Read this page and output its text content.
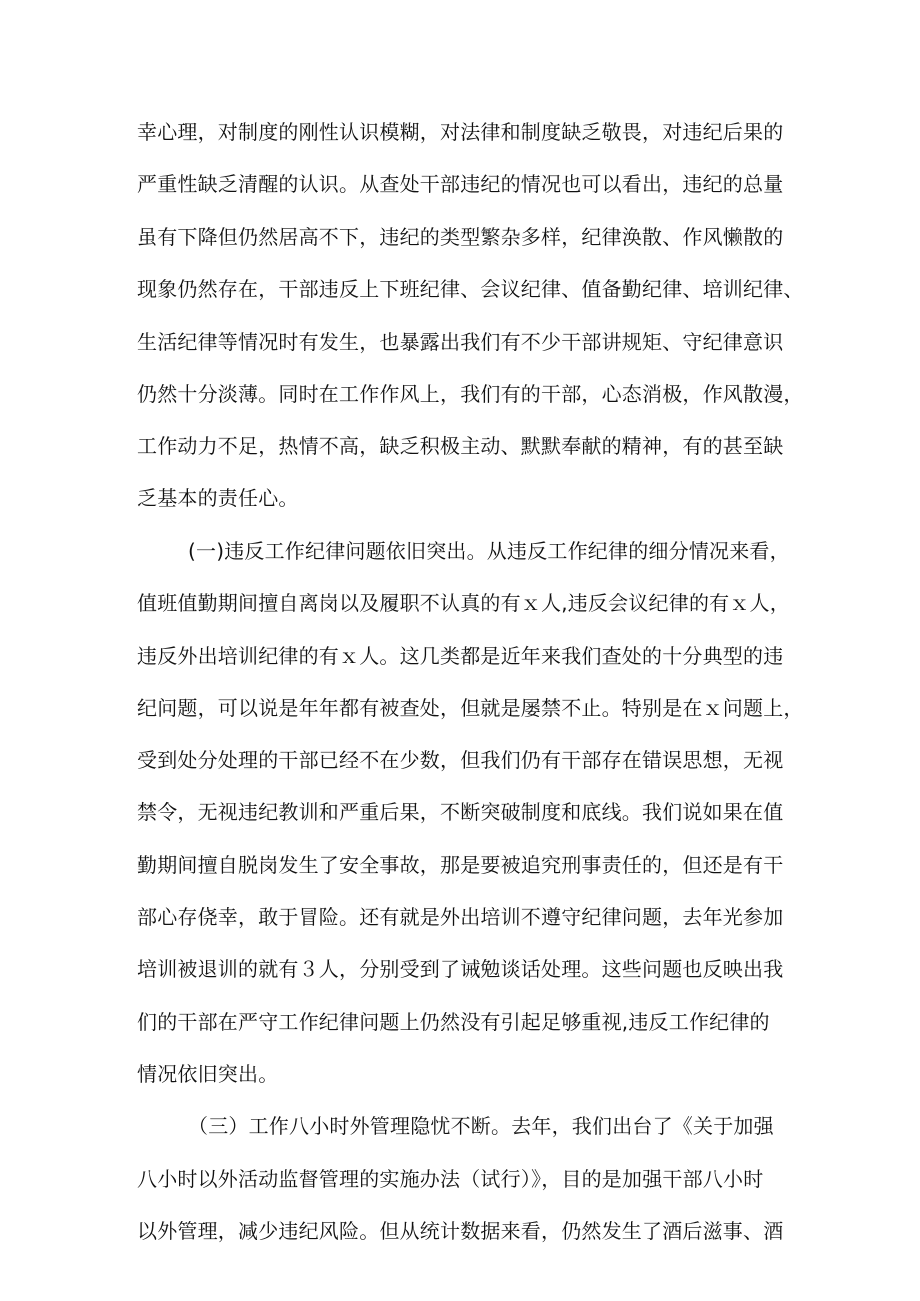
幸心理，对制度的刚性认识模糊，对法律和制度缺乏敬畏，对违纪后果的
严重性缺乏清醒的认识。从查处干部违纪的情况也可以看出，违纪的总量
虽有下降但仍然居高不下，违纪的类型繁杂多样，纪律涣散、作风懒散的
现象仍然存在，干部违反上下班纪律、会议纪律、值备勤纪律、培训纪律、
生活纪律等情况时有发生，也暴露出我们有不少干部讲规矩、守纪律意识
仍然十分淡薄。同时在工作作风上，我们有的干部，心态消极，作风散漫，
工作动力不足，热情不高，缺乏积极主动、默默奉献的精神，有的甚至缺
乏基本的责任心。
(一)违反工作纪律问题依旧突出。从违反工作纪律的细分情况来看，
值班值勤期间擅自离岗以及履职不认真的有ｘ人,违反会议纪律的有ｘ人，
违反外出培训纪律的有ｘ人。这几类都是近年来我们查处的十分典型的违
纪问题，可以说是年年都有被查处，但就是屡禁不止。特别是在ｘ问题上，
受到处分处理的干部已经不在少数，但我们仍有干部存在错误思想，无视
禁令，无视违纪教训和严重后果，不断突破制度和底线。我们说如果在值
勤期间擅自脱岗发生了安全事故，那是要被追究刑事责任的，但还是有干
部心存侥幸，敢于冒险。还有就是外出培训不遵守纪律问题，去年光参加
培训被退训的就有３人，分别受到了诫勉谈话处理。这些问题也反映出我
们的干部在严守工作纪律问题上仍然没有引起足够重视,违反工作纪律的
情况依旧突出。
（三）工作八小时外管理隐忧不断。去年，我们出台了《关于加强
八小时以外活动监督管理的实施办法（试行）》，目的是加强干部八小时
以外管理，减少违纪风险。但从统计数据来看，仍然发生了酒后滋事、酒
